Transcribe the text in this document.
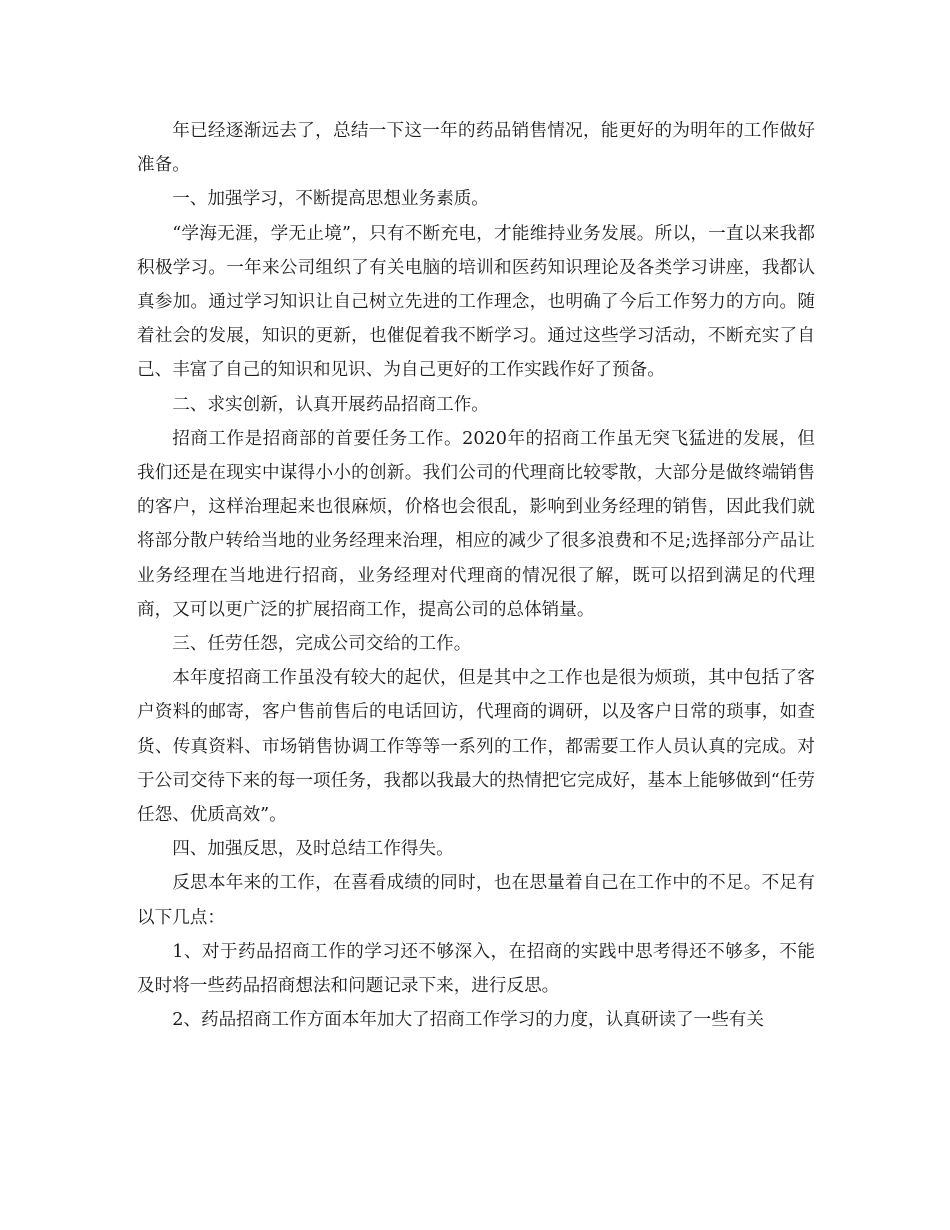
年已经逐渐远去了，总结一下这一年的药品销售情况，能更好的为明年的工作做好准备。

一、加强学习，不断提高思想业务素质。

“学海无涯，学无止境”，只有不断充电，才能维持业务发展。所以，一直以来我都积极学习。一年来公司组织了有关电脑的培训和医药知识理论及各类学习讲座，我都认真参加。通过学习知识让自己树立先进的工作理念，也明确了今后工作努力的方向。随着社会的发展，知识的更新，也催促着我不断学习。通过这些学习活动，不断充实了自己、丰富了自己的知识和见识、为自己更好的工作实践作好了预备。

二、求实创新，认真开展药品招商工作。

招商工作是招商部的首要任务工作。2020年的招商工作虽无突飞猛进的发展，但我们还是在现实中谋得小小的创新。我们公司的代理商比较零散，大部分是做终端销售的客户，这样治理起来也很麻烦，价格也会很乱，影响到业务经理的销售，因此我们就将部分散户转给当地的业务经理来治理，相应的减少了很多浪费和不足;选择部分产品让业务经理在当地进行招商，业务经理对代理商的情况很了解，既可以招到满足的代理商，又可以更广泛的扩展招商工作，提高公司的总体销量。

三、任劳任怨，完成公司交给的工作。

本年度招商工作虽没有较大的起伏，但是其中之工作也是很为烦琐，其中包括了客户资料的邮寄，客户售前售后的电话回访，代理商的调研，以及客户日常的琐事，如查货、传真资料、市场销售协调工作等等一系列的工作，都需要工作人员认真的完成。对于公司交待下来的每一项任务，我都以我最大的热情把它完成好，基本上能够做到“任劳任怨、优质高效”。

四、加强反思，及时总结工作得失。

反思本年来的工作，在喜看成绩的同时，也在思量着自己在工作中的不足。不足有以下几点：

1、对于药品招商工作的学习还不够深入，在招商的实践中思考得还不够多，不能及时将一些药品招商想法和问题记录下来，进行反思。

2、药品招商工作方面本年加大了招商工作学习的力度，认真研读了一些有关
